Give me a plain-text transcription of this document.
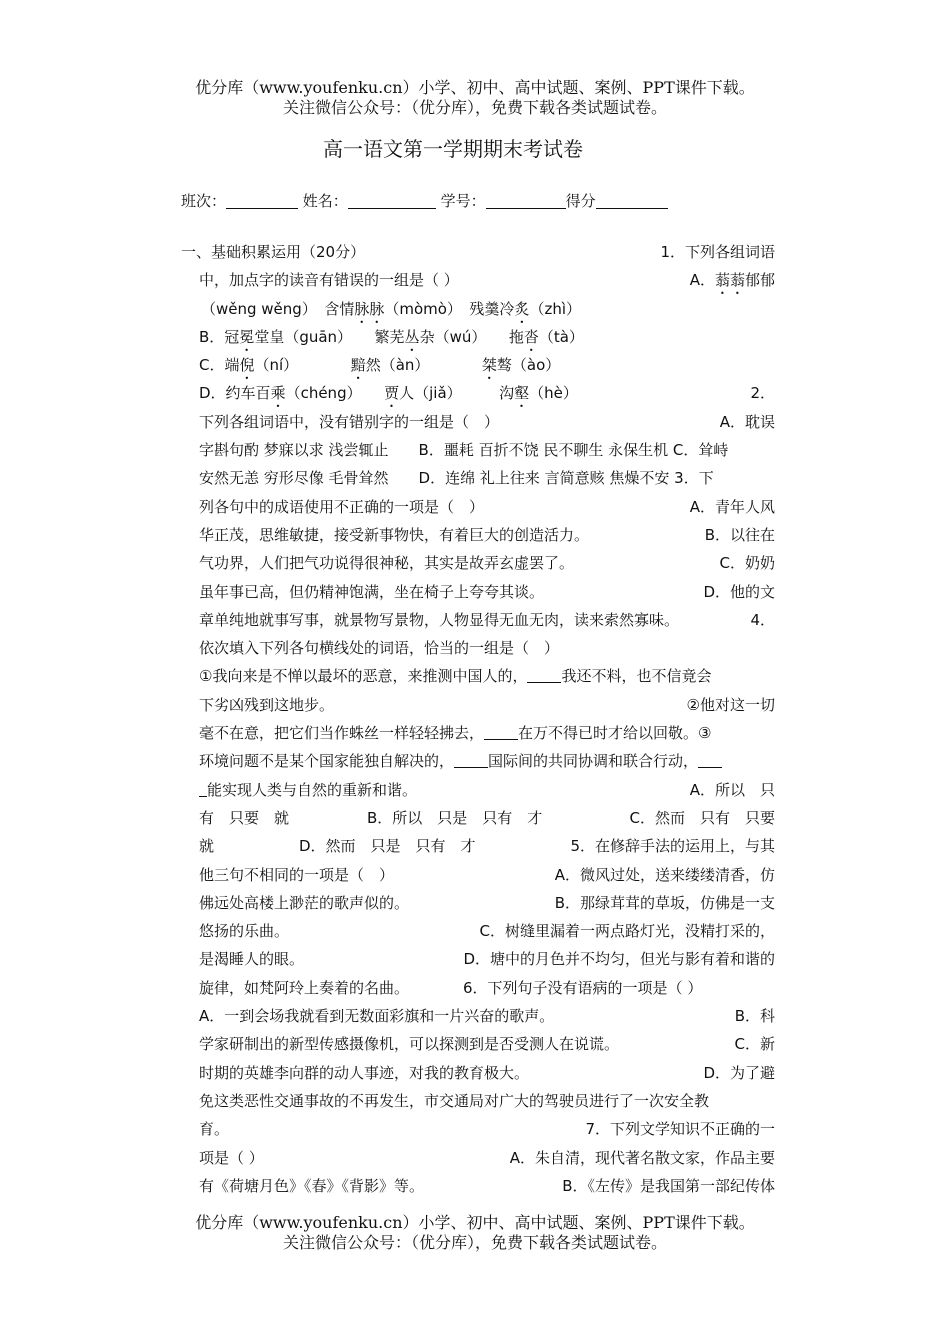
优分库（www.youfenku.cn）小学、初中、高中试题、案例、PPT课件下载。
关注微信公众号：（优分库），免费下载各类试题试卷。
高一语文第一学期期末考试卷
班次：	姓名：	学号：	得分
一、基础积累运用（20分）	1．下列各组词语
中，加点字的读音有错误的一组是（ ）	A．蓊蓊郁郁
（wěng wěng）　含情脉脉（mòmò）　残羹冷炙（zhì）
B．冠冕堂皇（guān）　　繁芜丛杂（wú）　　拖沓（tà）
C．端倪（ní）　　　　黯然（àn）　　　　桀骜（ào）
D．约车百乘（chéng）　　贾人（jiǎ）　　　沟壑（hè）	2．
下列各组词语中，没有错别字的一组是（　）	A．耽误
字斟句酌 梦寐以求 浅尝辄止　　B．噩耗 百折不饶 民不聊生 永保生机 C．耸峙
安然无恙 穷形尽像 毛骨耸然　　D．连绵 礼上往来 言简意赅 焦燥不安 3．下
列各句中的成语使用不正确的一项是（　）	A．青年人风
华正茂，思维敏捷，接受新事物快，有着巨大的创造活力。	B．以往在
气功界，人们把气功说得很神秘，其实是故弄玄虚罢了。	C．奶奶
虽年事已高，但仍精神饱满，坐在椅子上夸夸其谈。	D．他的文
章单纯地就事写事，就景物写景物，人物显得无血无肉，读来索然寡味。	4．
依次填入下列各句横线处的词语，恰当的一组是（　）
①我向来是不惮以最坏的恶意，来推测中国人的， 我还不料，也不信竟会
下劣凶残到这地步。	②他对这一切
毫不在意，把它们当作蛛丝一样轻轻拂去， 在万不得已时才给以回敬。③
环境问题不是某个国家能独自解决的， 国际间的共同协调和联合行动，
能实现人类与自然的重新和谐。	A．所以　只
有　只要　就	B．所以　只是　只有　才	C．然而　只有　只要
就	D．然而　只是　只有　才	5．在修辞手法的运用上，与其
他三句不相同的一项是（　）	A．微风过处，送来缕缕清香，仿
佛远处高楼上渺茫的歌声似的。	B．那绿茸茸的草坂，仿佛是一支
悠扬的乐曲。	C．树缝里漏着一两点路灯光，没精打采的，
是渴睡人的眼。	D．塘中的月色并不均匀，但光与影有着和谐的
旋律，如梵阿玲上奏着的名曲。	6．下列句子没有语病的一项是（ ）
A．一到会场我就看到无数面彩旗和一片兴奋的歌声。	B．科
学家研制出的新型传感摄像机，可以探测到是否受测人在说谎。	C．新
时期的英雄李向群的动人事迹，对我的教育极大。	D．为了避
免这类恶性交通事故的不再发生，市交通局对广大的驾驶员进行了一次安全教
育。	7．下列文学知识不正确的一
项是（ ）	A．朱自清，现代著名散文家，作品主要
有《荷塘月色》《春》《背影》等。	B．《左传》是我国第一部纪传体
优分库（www.youfenku.cn）小学、初中、高中试题、案例、PPT课件下载。
关注微信公众号：（优分库），免费下载各类试题试卷。
